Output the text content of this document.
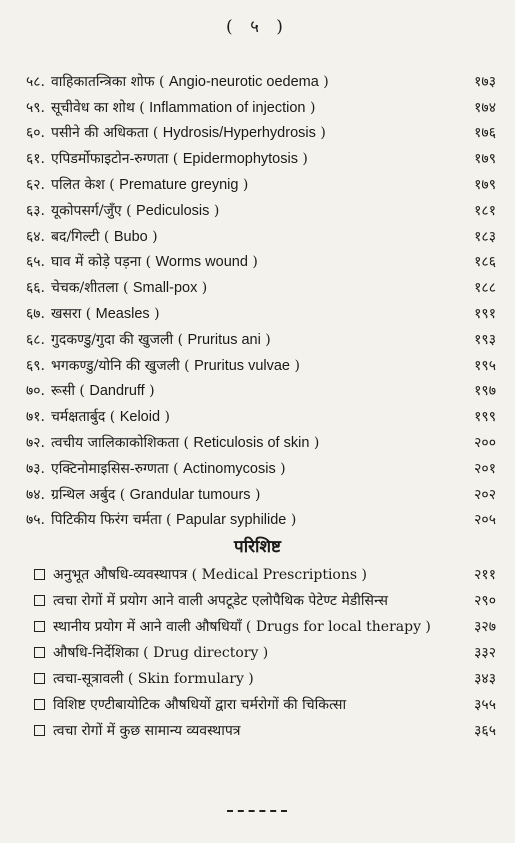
( ५ )
५८. वाहिकातन्त्रिका शोफ ( Angio-neurotic oedema )	१७३
५९. सूचीवेध का शोथ ( Inflammation of injection )	१७४
६०. पसीने की अधिकता ( Hydrosis/Hyperhydrosis )	१७६
६१. एपिडर्मोफाइटोन-रुग्णता ( Epidermophytosis )	१७९
६२. पलित केश ( Premature greynig )	१७९
६३. यूकोपसर्ग/जुँए ( Pediculosis )	१८१
६४. बद/गिल्टी ( Bubo )	१८३
६५. घाव में कोड़े पड़ना ( Worms wound )	१८६
६६. चेचक/शीतला ( Small-pox )	१८८
६७. खसरा ( Measles )	१९१
६८. गुदकण्डु/गुदा की खुजली ( Pruritus ani )	१९३
६९. भगकण्डु/योनि की खुजली ( Pruritus vulvae )	१९५
७०. रूसी ( Dandruff )	१९७
७१. चर्मक्षतार्बुद ( Keloid )	१९९
७२. त्वचीय जालिकाकोशिकता ( Reticulosis of skin )	२००
७३. एक्टिनोमाइसिस-रुग्णता ( Actinomycosis )	२०१
७४. ग्रन्थिल अर्बुद ( Grandular tumours )	२०२
७५. पिटिकीय फिरंग चर्मता ( Papular syphilide )	२०५
परिशिष्ट
अनुभूत औषधि-व्यवस्थापत्र ( Medical Prescriptions )	२११
त्वचा रोगों में प्रयोग आने वाली अपटूडेट एलोपैथिक पेटेण्ट मेडीसिन्स	२९०
स्थानीय प्रयोग में आने वाली औषधियाँ ( Drugs for local therapy )	३२७
औषधि-निर्देशिका ( Drug directory )	३३२
त्वचा-सूत्रावली ( Skin formulary )	३४३
विशिष्ट एण्टीबायोटिक औषधियों द्वारा चर्मरोगों की चिकित्सा	३५५
त्वचा रोगों में कुछ सामान्य व्यवस्थापत्र	३६५
